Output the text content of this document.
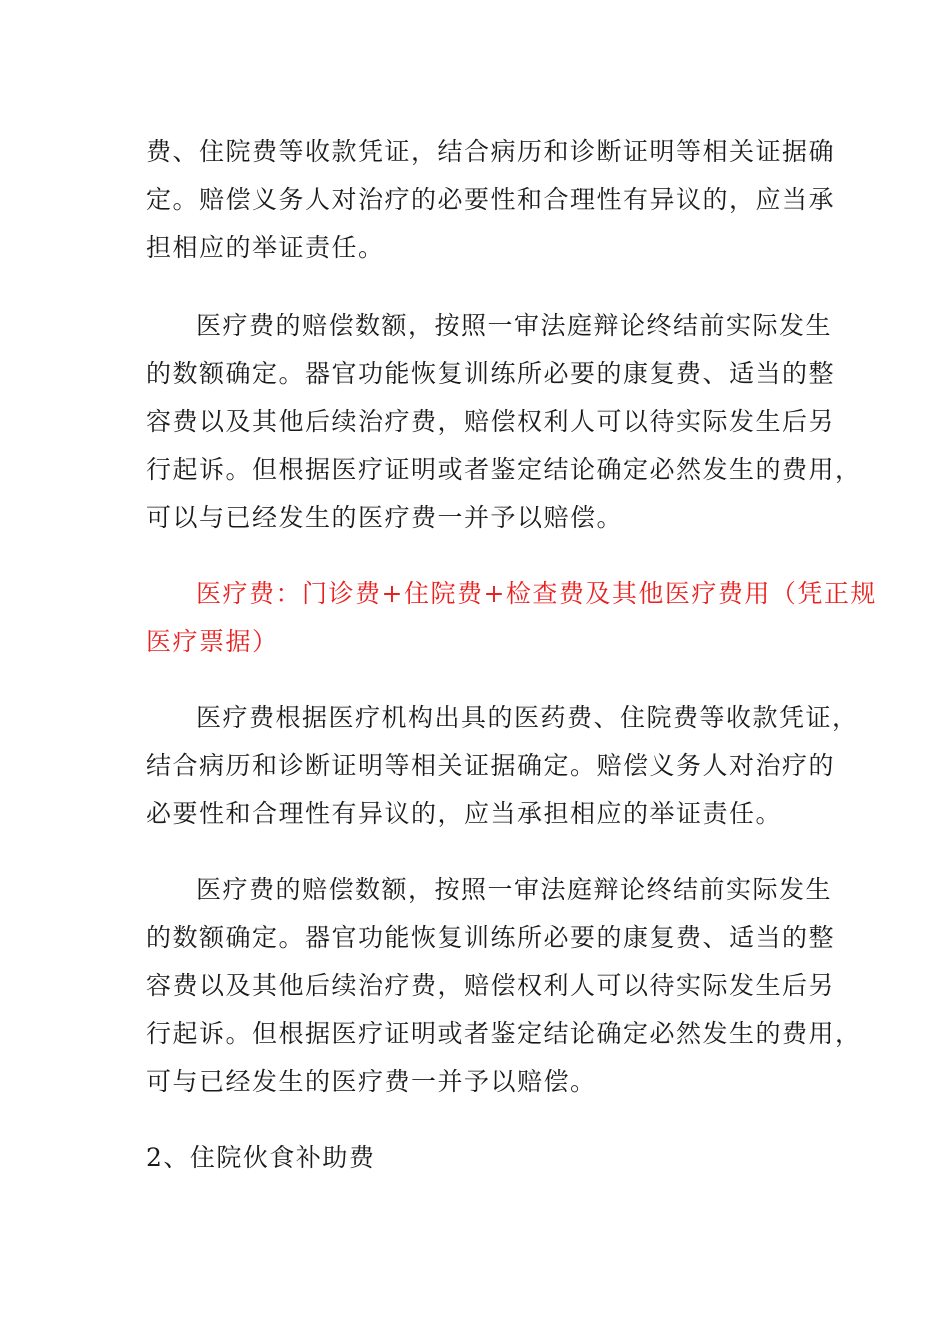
费、住院费等收款凭证，结合病历和诊断证明等相关证据确

定。赔偿义务人对治疗的必要性和合理性有异议的，应当承

担相应的举证责任。

医疗费的赔偿数额，按照一审法庭辩论终结前实际发生

的数额确定。器官功能恢复训练所必要的康复费、适当的整

容费以及其他后续治疗费，赔偿权利人可以待实际发生后另

行起诉。但根据医疗证明或者鉴定结论确定必然发生的费用，

可以与已经发生的医疗费一并予以赔偿。

医疗费：门诊费+住院费+检查费及其他医疗费用（凭正规

医疗票据）

医疗费根据医疗机构出具的医药费、住院费等收款凭证，

结合病历和诊断证明等相关证据确定。赔偿义务人对治疗的

必要性和合理性有异议的，应当承担相应的举证责任。

医疗费的赔偿数额，按照一审法庭辩论终结前实际发生

的数额确定。器官功能恢复训练所必要的康复费、适当的整

容费以及其他后续治疗费，赔偿权利人可以待实际发生后另

行起诉。但根据医疗证明或者鉴定结论确定必然发生的费用，

可与已经发生的医疗费一并予以赔偿。

2、住院伙食补助费
